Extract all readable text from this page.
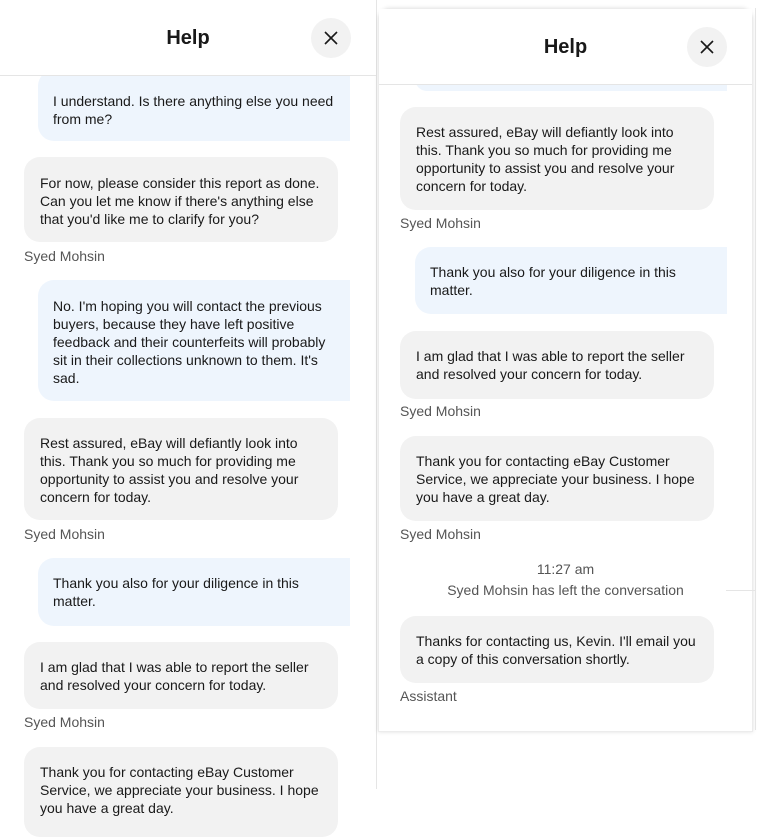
I understand. Is there anything else you need from me?
For now, please consider this report as done. Can you let me know if there's anything else that you'd like me to clarify for you?
Syed Mohsin
No. I'm hoping you will contact the previous buyers, because they have left positive feedback and their counterfeits will probably sit in their collections unknown to them. It's sad.
Rest assured, eBay will defiantly look into this. Thank you so much for providing me opportunity to assist you and resolve your concern for today.
Syed Mohsin
Thank you also for your diligence in this matter.
I am glad that I was able to report the seller and resolved your concern for today.
Syed Mohsin
Thank you for contacting eBay Customer Service, we appreciate your business. I hope you have a great day.
Help
Rest assured, eBay will defiantly look into this. Thank you so much for providing me opportunity to assist you and resolve your concern for today.
Syed Mohsin
Thank you also for your diligence in this matter.
I am glad that I was able to report the seller and resolved your concern for today.
Syed Mohsin
Thank you for contacting eBay Customer Service, we appreciate your business. I hope you have a great day.
Syed Mohsin
11:27 am
Syed Mohsin has left the conversation
Thanks for contacting us, Kevin. I'll email you a copy of this conversation shortly.
Assistant
Help
